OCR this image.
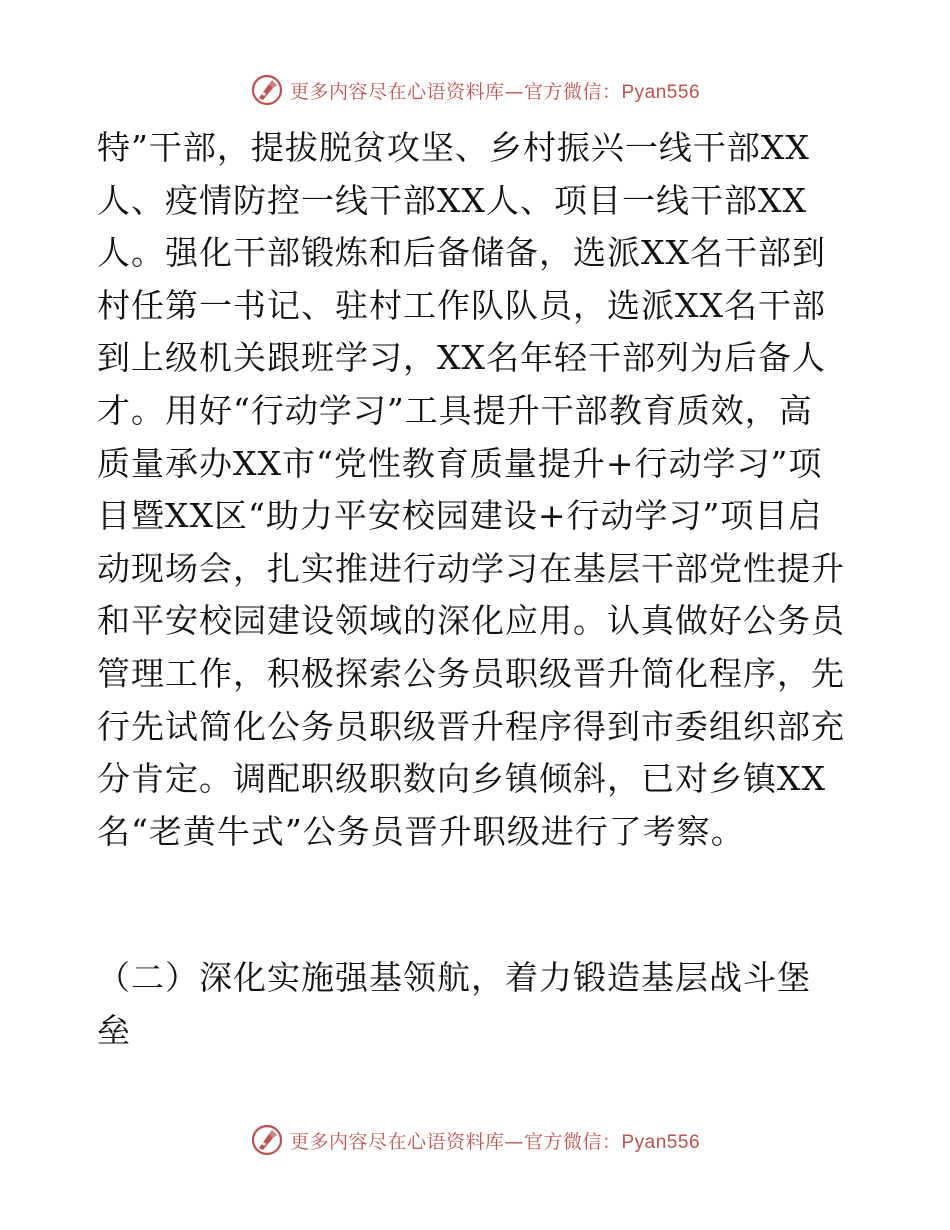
更多内容尽在心语资料库—官方微信：Pyan556
特”干部，提拔脱贫攻坚、乡村振兴一线干部XX
人、疫情防控一线干部XX人、项目一线干部XX
人。强化干部锻炼和后备储备，选派XX名干部到
村任第一书记、驻村工作队队员，选派XX名干部
到上级机关跟班学习，XX名年轻干部列为后备人
才。用好“行动学习”工具提升干部教育质效，高
质量承办XX市“党性教育质量提升+行动学习”项
目暨XX区“助力平安校园建设+行动学习”项目启
动现场会，扎实推进行动学习在基层干部党性提升
和平安校园建设领域的深化应用。认真做好公务员
管理工作，积极探索公务员职级晋升简化程序，先
行先试简化公务员职级晋升程序得到市委组织部充
分肯定。调配职级职数向乡镇倾斜，已对乡镇XX
名“老黄牛式”公务员晋升职级进行了考察。
（二）深化实施强基领航，着力锻造基层战斗堡
垒
更多内容尽在心语资料库—官方微信：Pyan556
